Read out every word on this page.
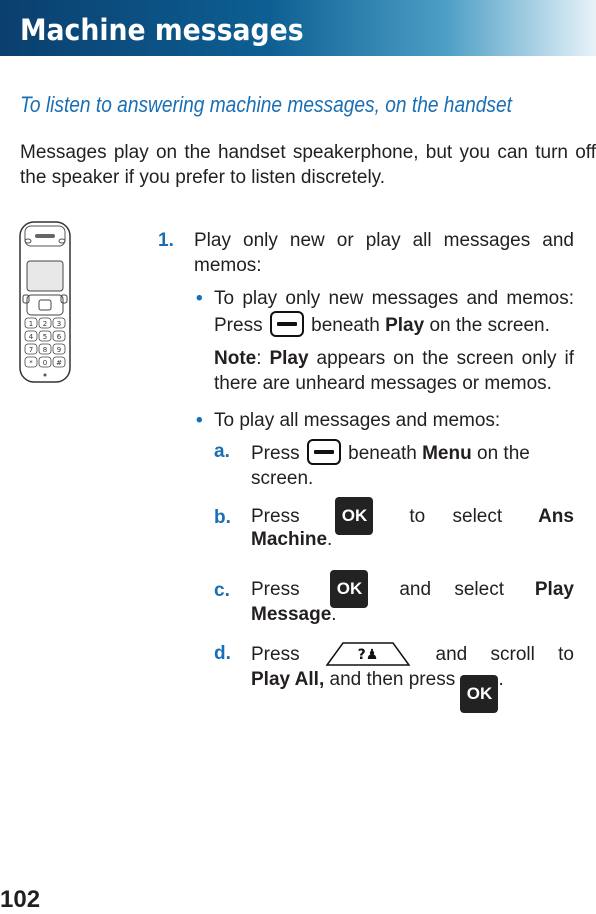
Machine messages

To listen to answering machine messages, on the handset

Messages play on the handset speakerphone, but you can turn off the speaker if you prefer to listen discretely.
1 2 3
4 5 6
7 8 9
* 0 #
1. Play only new or play all messages and memos:
• To play only new messages and memos: Press	beneath Play on the screen.
Note: Play appears on the screen only if there are unheard messages or memos.
• To play all messages and memos:
a. Press	beneath Menu on the screen.
b. Press	OK	to select Ans
Machine.
c. Press	OK	and select Play
Message.
d. Press	?♟	and scroll to
Play All, and then press OK.
102
